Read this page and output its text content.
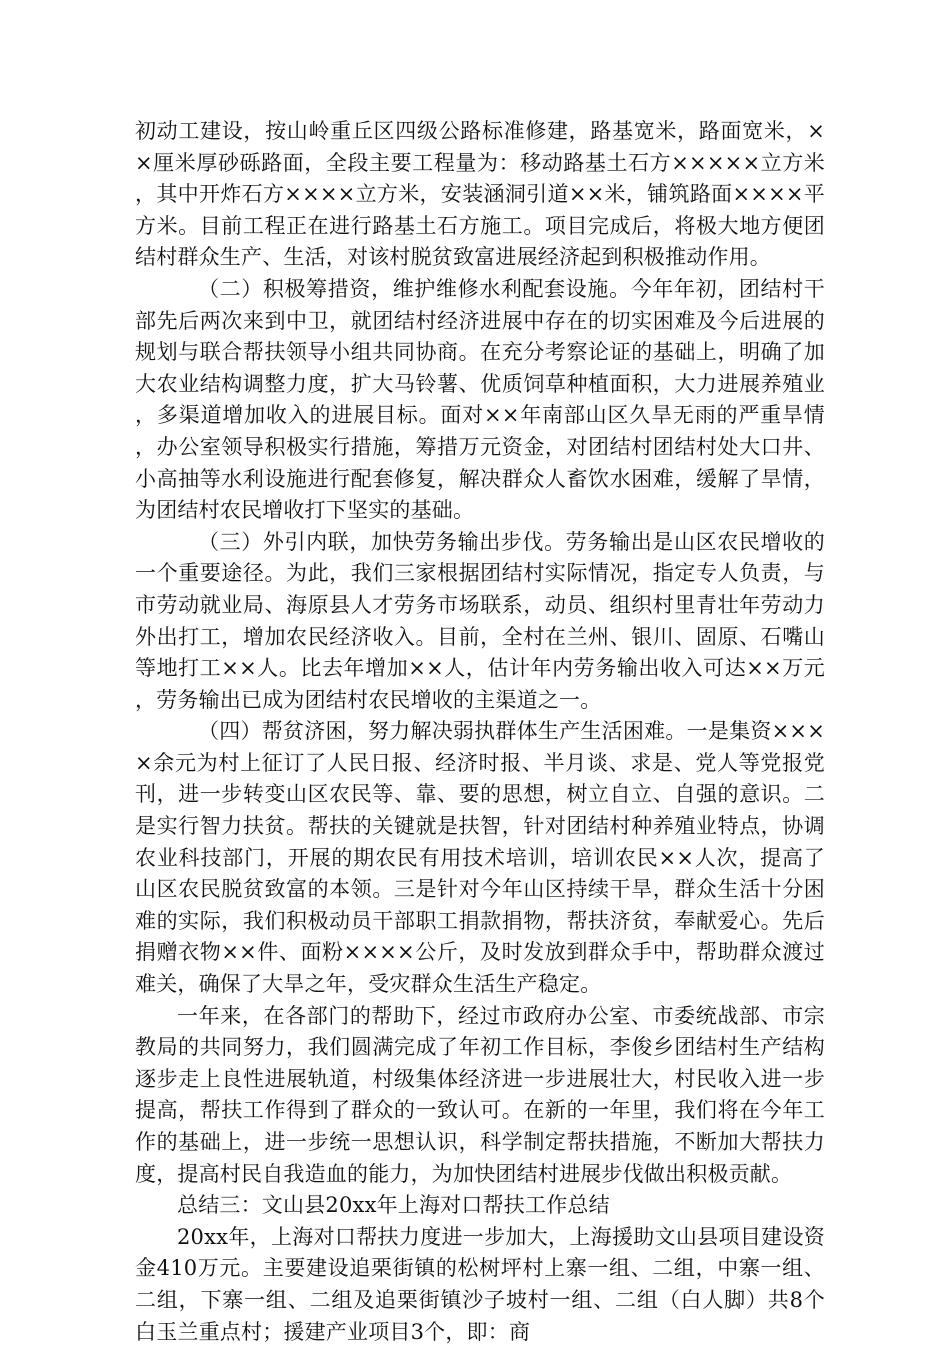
初动工建设，按山岭重丘区四级公路标准修建，路基宽米，路面宽米，××厘米厚砂砾路面，全段主要工程量为：移动路基土石方×××××立方米，其中开炸石方××××立方米，安装涵洞引道××米，铺筑路面××××平方米。目前工程正在进行路基土石方施工。项目完成后，将极大地方便团结村群众生产、生活，对该村脱贫致富进展经济起到积极推动作用。

（二）积极筹措资，维护维修水利配套设施。今年年初，团结村干部先后两次来到中卫，就团结村经济进展中存在的切实困难及今后进展的规划与联合帮扶领导小组共同协商。在充分考察论证的基础上，明确了加大农业结构调整力度，扩大马铃薯、优质饲草种植面积，大力进展养殖业，多渠道增加收入的进展目标。面对××年南部山区久旱无雨的严重旱情，办公室领导积极实行措施，筹措万元资金，对团结村团结村处大口井、小高抽等水利设施进行配套修复，解决群众人畜饮水困难，缓解了旱情，为团结村农民增收打下坚实的基础。

（三）外引内联，加快劳务输出步伐。劳务输出是山区农民增收的一个重要途径。为此，我们三家根据团结村实际情况，指定专人负责，与市劳动就业局、海原县人才劳务市场联系，动员、组织村里青壮年劳动力外出打工，增加农民经济收入。目前，全村在兰州、银川、固原、石嘴山等地打工××人。比去年增加××人，估计年内劳务输出收入可达××万元，劳务输出已成为团结村农民增收的主渠道之一。

（四）帮贫济困，努力解决弱执群体生产生活困难。一是集资××××余元为村上征订了人民日报、经济时报、半月谈、求是、党人等党报党刊，进一步转变山区农民等、靠、要的思想，树立自立、自强的意识。二是实行智力扶贫。帮扶的关键就是扶智，针对团结村种养殖业特点，协调农业科技部门，开展的期农民有用技术培训，培训农民××人次，提高了山区农民脱贫致富的本领。三是针对今年山区持续干旱，群众生活十分困难的实际，我们积极动员干部职工捐款捐物，帮扶济贫，奉献爱心。先后捐赠衣物××件、面粉××××公斤，及时发放到群众手中，帮助群众渡过难关，确保了大旱之年，受灾群众生活生产稳定。

一年来，在各部门的帮助下，经过市政府办公室、市委统战部、市宗教局的共同努力，我们圆满完成了年初工作目标，李俊乡团结村生产结构逐步走上良性进展轨道，村级集体经济进一步进展壮大，村民收入进一步提高，帮扶工作得到了群众的一致认可。在新的一年里，我们将在今年工作的基础上，进一步统一思想认识，科学制定帮扶措施，不断加大帮扶力度，提高村民自我造血的能力，为加快团结村进展步伐做出积极贡献。

总结三：文山县20xx年上海对口帮扶工作总结

20xx年，上海对口帮扶力度进一步加大，上海援助文山县项目建设资金410万元。主要建设追栗街镇的松树坪村上寨一组、二组，中寨一组、二组，下寨一组、二组及追栗街镇沙子坡村一组、二组（白人脚）共8个白玉兰重点村；援建产业项目3个，即：商
